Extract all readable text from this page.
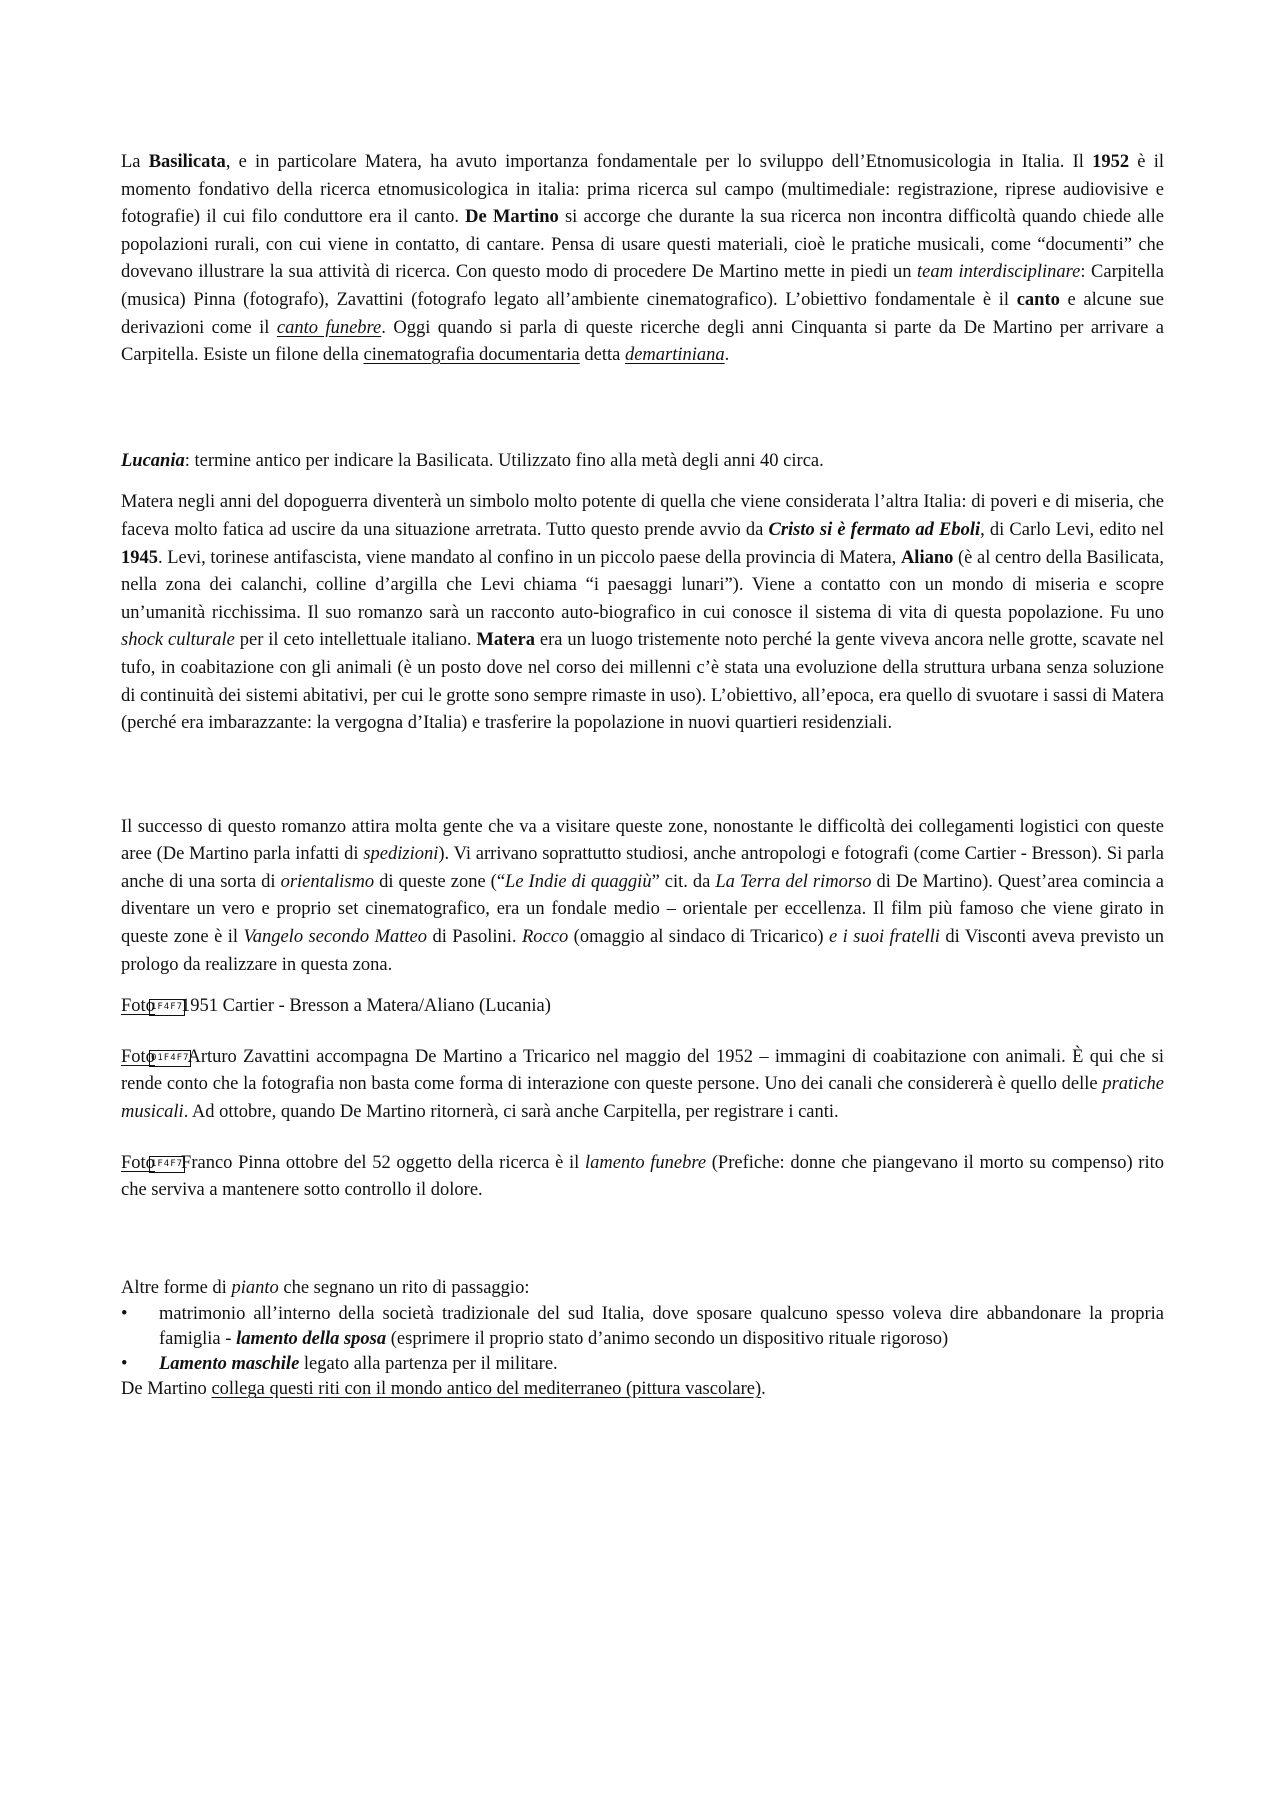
La Basilicata, e in particolare Matera, ha avuto importanza fondamentale per lo sviluppo dell’Etnomusicologia in Italia. Il 1952 è il momento fondativo della ricerca etnomusicologica in italia: prima ricerca sul campo (multimediale: registrazione, riprese audiovisive e fotografie) il cui filo conduttore era il canto. De Martino si accorge che durante la sua ricerca non incontra difficoltà quando chiede alle popolazioni rurali, con cui viene in contatto, di cantare. Pensa di usare questi materiali, cioè le pratiche musicali, come “documenti” che dovevano illustrare la sua attività di ricerca. Con questo modo di procedere De Martino mette in piedi un team interdisciplinare: Carpitella (musica) Pinna (fotografo), Zavattini (fotografo legato all’ambiente cinematografico). L’obiettivo fondamentale è il canto e alcune sue derivazioni come il canto funebre. Oggi quando si parla di queste ricerche degli anni Cinquanta si parte da De Martino per arrivare a Carpitella. Esiste un filone della cinematografia documentaria detta demartiniana.

Lucania: termine antico per indicare la Basilicata. Utilizzato fino alla metà degli anni 40 circa.

Matera negli anni del dopoguerra diventerà un simbolo molto potente di quella che viene considerata l’altra Italia: di poveri e di miseria, che faceva molto fatica ad uscire da una situazione arretrata. Tutto questo prende avvio da Cristo si è fermato ad Eboli, di Carlo Levi, edito nel 1945. Levi, torinese antifascista, viene mandato al confino in un piccolo paese della provincia di Matera, Aliano (è al centro della Basilicata, nella zona dei calanchi, colline d’argilla che Levi chiama “i paesaggi lunari”). Viene a contatto con un mondo di miseria e scopre un’umanità ricchissima. Il suo romanzo sarà un racconto auto-biografico in cui conosce il sistema di vita di questa popolazione. Fu uno shock culturale per il ceto intellettuale italiano. Matera era un luogo tristemente noto perché la gente viveva ancora nelle grotte, scavate nel tufo, in coabitazione con gli animali (è un posto dove nel corso dei millenni c’è stata una evoluzione della struttura urbana senza soluzione di continuità dei sistemi abitativi, per cui le grotte sono sempre rimaste in uso). L’obiettivo, all’epoca, era quello di svuotare i sassi di Matera (perché era imbarazzante: la vergogna d’Italia) e trasferire la popolazione in nuovi quartieri residenziali.

Il successo di questo romanzo attira molta gente che va a visitare queste zone, nonostante le difficoltà dei collegamenti logistici con queste aree (De Martino parla infatti di spedizioni). Vi arrivano soprattutto studiosi, anche antropologi e fotografi (come Cartier - Bresson). Si parla anche di una sorta di orientalismo di queste zone (“Le Indie di quaggiù” cit. da La Terra del rimorso di De Martino). Quest’area comincia a diventare un vero e proprio set cinematografico, era un fondale medio – orientale per eccellenza. Il film più famoso che viene girato in queste zone è il Vangelo secondo Matteo di Pasolini. Rocco (omaggio al sindaco di Tricarico) e i suoi fratelli di Visconti aveva previsto un prologo da realizzare in questa zona.

Foto1F4F71951 Cartier - Bresson a Matera/Aliano (Lucania)

Foto01F4F7Arturo Zavattini accompagna De Martino a Tricarico nel maggio del 1952 – immagini di coabitazione con animali. È qui che si rende conto che la fotografia non basta come forma di interazione con queste persone. Uno dei canali che considererà è quello delle pratiche musicali. Ad ottobre, quando De Martino ritornerà, ci sarà anche Carpitella, per registrare i canti.

Foto1F4F7Franco Pinna ottobre del 52 oggetto della ricerca è il lamento funebre (Prefiche: donne che piangevano il morto su compenso) rito che serviva a mantenere sotto controllo il dolore.

Altre forme di pianto che segnano un rito di passaggio:

• matrimonio all’interno della società tradizionale del sud Italia, dove sposare qualcuno spesso voleva dire abbandonare la propria famiglia - lamento della sposa (esprimere il proprio stato d’animo secondo un dispositivo rituale rigoroso)
• Lamento maschile legato alla partenza per il militare.

De Martino collega questi riti con il mondo antico del mediterraneo (pittura vascolare).
